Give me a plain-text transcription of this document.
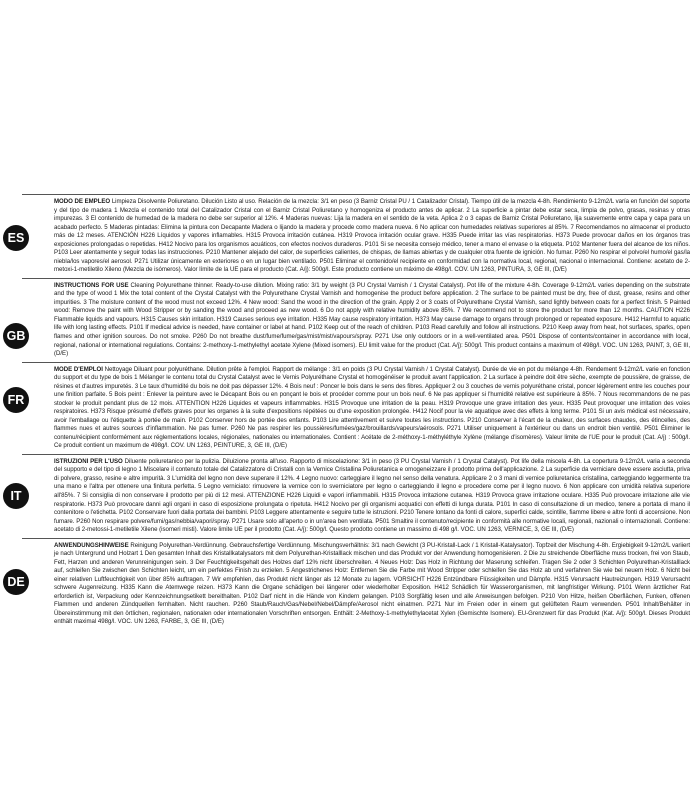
ES
MODO DE EMPLEO Limpieza Disolvente Poliuretano. Dilución Listo al uso. Relación de la mezcla: 3/1 en peso (3 Barniz Cristal PU / 1 Catalizador Cristal). Tiempo útil de la mezcla 4-8h. Rendimiento 9-12m2/L varía en función del soporte y del tipo de madera 1 Mezcla el contenido total del Catalizador Cristal con el Barniz Cristal Poliuretano y homogeniza el producto antes de aplicar. 2 La superficie a pintar debe estar seca, limpia de polvo, grasas, resinas y otras impurezas. 3 El contenido de humedad de la madera no debe ser superior al 12%. 4 Maderas nuevas: Lija la madera en el sentido de la veta. Aplica 2 o 3 capas de Barniz Cristal Poliuretano, lija suavemente entre capa y capa para un acabado perfecto. 5 Maderas pintadas: Elimina la pintura con Decapante Madera o lijando la madera y procede como madera nueva. 6 No aplicar con humedades relativas superiores al 85%. 7 Recomendamos no almacenar el producto más de 12 meses. ATENCIÓN H226 Líquidos y vapores inflamables. H315 Provoca irritación cutánea. H319 Provoca irritación ocular grave. H335 Puede irritar las vías respiratorias. H373 Puede provocar daños en los órganos tras exposiciones prolongadas o repetidas. H412 Nocivo para los organismos acuáticos, con efectos nocivos duraderos. P101 Si se necesita consejo médico, tener a mano el envase o la etiqueta. P102 Mantener fuera del alcance de los niños. P103 Leer atentamente y seguir todas las instrucciones. P210 Mantener alejado del calor, de superficies calientes, de chispas, de llamas abiertas y de cualquier otra fuente de ignición. No fumar. P260 No respirar el polvo/el humo/el gas/la niebla/los vapores/el aerosol. P271 Utilizar únicamente en exteriores o en un lugar bien ventilado. P501 Eliminar el contenido/el recipiente en conformidad con la normativa local, regional, nacional o internacional. Contiene: acetato de 2-metoxi-1-metiletilo Xileno (Mezcla de isómeros). Valor límite de la UE para el producto (Cat. A/j): 500g/l. Este producto contiene un máximo de 498g/l. COV. UN 1263, PINTURA, 3, GE III, (D/E)
GB
INSTRUCTIONS FOR USE Cleaning Polyurethane thinner. Ready-to-use dilution. Mixing ratio: 3/1 by weight (3 PU Crystal Varnish / 1 Crystal Catalyst). Pot life of the mixture 4-8h. Coverage 9-12m2/L varies depending on the substrate and the type of wood 1 Mix the total content of the Crystal Catalyst with the Polyurethane Crystal Varnish and homogenise the product before application. 2 The surface to be painted must be dry, free of dust, grease, resins and other impurities. 3 The moisture content of the wood must not exceed 12%. 4 New wood: Sand the wood in the direction of the grain. Apply 2 or 3 coats of Polyurethane Crystal Varnish, sand lightly between coats for a perfect finish. 5 Painted wood: Remove the paint with Wood Stripper or by sanding the wood and proceed as new wood. 6 Do not apply with relative humidity above 85%. 7 We recommend not to store the product for more than 12 months. CAUTION H226 Flammable liquids and vapours. H315 Causes skin irritation. H319 Causes serious eye irritation. H335 May cause respiratory irritation. H373 May cause damage to organs through prolonged or repeated exposure. H412 Harmful to aquatic life with long lasting effects. P101 If medical advice is needed, have container or label at hand. P102 Keep out of the reach of children. P103 Read carefully and follow all instructions. P210 Keep away from heat, hot surfaces, sparks, open flames and other ignition sources. Do not smoke. P260 Do not breathe dust/fume/fume/gas/mist/mist/vapours/spray. P271 Use only outdoors or in a well-ventilated area. P501 Dispose of contents/container in accordance with local, regional, national or international regulations. Contains: 2-methoxy-1-methylethyl acetate Xylene (Mixed isomers). EU limit value for the product (Cat. A/j): 500g/l. This product contains a maximum of 498g/l. VOC. UN 1263, PAINT, 3, GE III, (D/E)
FR
MODE D'EMPLOI Nettoyage Diluant pour polyuréthane. Dilution prête à l'emploi. Rapport de mélange : 3/1 en poids (3 PU Crystal Varnish / 1 Crystal Catalyst). Durée de vie en pot du mélange 4-8h. Rendement 9-12m2/L varie en fonction du support et du type de bois 1 Mélanger le contenu total du Crystal Catalyst avec le Vernis Polyuréthane Crystal et homogénéiser le produit avant l'application. 2 La surface à peindre doit être sèche, exempte de poussière, de graisse, de résines et d'autres impuretés. 3 Le taux d'humidité du bois ne doit pas dépasser 12%. 4 Bois neuf : Poncer le bois dans le sens des fibres. Appliquer 2 ou 3 couches de vernis polyuréthane cristal, poncer légèrement entre les couches pour une finition parfaite. 5 Bois peint : Enlever la peinture avec le Décapant Bois ou en ponçant le bois et procéder comme pour un bois neuf. 6 Ne pas appliquer si l'humidité relative est supérieure à 85%. 7 Nous recommandons de ne pas stocker le produit pendant plus de 12 mois. ATTENTION H226 Liquides et vapeurs inflammables. H315 Provoque une irritation de la peau. H319 Provoque une grave irritation des yeux. H335 Peut provoquer une irritation des voies respiratoires. H373 Risque présumé d'effets graves pour les organes à la suite d'expositions répétées ou d'une exposition prolongée. H412 Nocif pour la vie aquatique avec des effets à long terme. P101 Si un avis médical est nécessaire, avoir l'emballage ou l'étiquette à portée de main. P102 Conserver hors de portée des enfants. P103 Lire attentivement et suivre toutes les instructions. P210 Conserver à l'écart de la chaleur, des surfaces chaudes, des étincelles, des flammes nues et autres sources d'inflammation. Ne pas fumer. P260 Ne pas respirer les poussières/fumées/gaz/brouillards/vapeurs/aérosols. P271 Utiliser uniquement à l'extérieur ou dans un endroit bien ventilé. P501 Éliminer le contenu/récipient conformément aux réglementations locales, régionales, nationales ou internationales. Contient : Acétate de 2-méthoxy-1-méthyléthyle Xylène (mélange d'isomères). Valeur limite de l'UE pour le produit (Cat. A/j) : 500g/l. Ce produit contient un maximum de 498g/l. COV. UN 1263, PEINTURE, 3, GE III, (D/E)
IT
ISTRUZIONI PER L'USO Diluente poliuretanico per la pulizia. Diluizione pronta all'uso. Rapporto di miscelazione: 3/1 in peso (3 PU Crystal Varnish / 1 Crystal Catalyst). Pot life della miscela 4-8h. La copertura 9-12m2/L varia a seconda del supporto e del tipo di legno 1 Miscelare il contenuto totale del Catalizzatore di Cristalli con la Vernice Cristallina Poliuretanica e omogeneizzare il prodotto prima dell'applicazione. 2 La superficie da verniciare deve essere asciutta, priva di polvere, grasso, resine e altre impurità. 3 L'umidità del legno non deve superare il 12%. 4 Legno nuovo: carteggiare il legno nel senso della venatura. Applicare 2 o 3 mani di vernice poliuretanica cristallina, carteggiando leggermente tra una mano e l'altra per ottenere una finitura perfetta. 5 Legno verniciato: rimuovere la vernice con lo sverniciatore per legno o carteggiando il legno e procedere come per il legno nuovo. 6 Non applicare con umidità relativa superiore all'85%. 7 Si consiglia di non conservare il prodotto per più di 12 mesi. ATTENZIONE H226 Liquidi e vapori infiammabili. H315 Provoca irritazione cutanea. H319 Provoca grave irritazione oculare. H335 Può provocare irritazione alle vie respiratorie. H373 Può provocare danni agli organi in caso di esposizione prolungata o ripetuta. H412 Nocivo per gli organismi acquatici con effetti di lunga durata. P101 In caso di consultazione di un medico, tenere a portata di mano il contenitore o l'etichetta. P102 Conservare fuori dalla portata dei bambini. P103 Leggere attentamente e seguire tutte le istruzioni. P210 Tenere lontano da fonti di calore, superfici calde, scintille, fiamme libere e altre fonti di accensione. Non fumare. P260 Non respirare polvere/fumi/gas/nebbia/vapori/spray. P271 Usare solo all'aperto o in un'area ben ventilata. P501 Smaltire il contenuto/recipiente in conformità alle normative locali, regionali, nazionali o internazionali. Contiene: acetato di 2-metossi-1-metiletile Xilene (isomeri misti). Valore limite UE per il prodotto (Cat. A/j): 500g/l. Questo prodotto contiene un massimo di 498 g/l. VOC. UN 1263, VERNICE, 3, GE III, (D/E)
DE
ANWENDUNGSHINWEISE Reinigung Polyurethan-Verdünnung. Gebrauchsfertige Verdünnung. Mischungsverhältnis: 3/1 nach Gewicht (3 PU-Kristall-Lack / 1 Kristall-Katalysator). Topfzeit der Mischung 4-8h. Ergiebigkeit 9-12m2/L variiert je nach Untergrund und Holzart 1 Den gesamten Inhalt des Kristallkatalysators mit dem Polyurethan-Kristalllack mischen und das Produkt vor der Anwendung homogenisieren. 2 Die zu streichende Oberfläche muss trocken, frei von Staub, Fett, Harzen und anderen Verunreinigungen sein. 3 Der Feuchtigkeitsgehalt des Holzes darf 12% nicht überschreiten. 4 Neues Holz: Das Holz in Richtung der Maserung schleifen. Tragen Sie 2 oder 3 Schichten Polyurethan-Kristalllack auf, schleifen Sie zwischen den Schichten leicht, um ein perfektes Finish zu erzielen. 5 Angestrichenes Holz: Entfernen Sie die Farbe mit Wood Stripper oder schleifen Sie das Holz ab und verfahren Sie wie bei neuem Holz. 6 Nicht bei einer relativen Luftfeuchtigkeit von über 85% auftragen. 7 Wir empfehlen, das Produkt nicht länger als 12 Monate zu lagern. VORSICHT H226 Entzündbare Flüssigkeiten und Dämpfe. H315 Verursacht Hautreizungen. H319 Verursacht schwere Augenreizung. H335 Kann die Atemwege reizen. H373 Kann die Organe schädigen bei längerer oder wiederholter Exposition. H412 Schädlich für Wasserorganismen, mit langfristiger Wirkung. P101 Wenn ärztlicher Rat erforderlich ist, Verpackung oder Kennzeichnungsetikett bereithalten. P102 Darf nicht in die Hände von Kindern gelangen. P103 Sorgfältig lesen und alle Anweisungen befolgen. P210 Von Hitze, heißen Oberflächen, Funken, offenen Flammen und anderen Zündquellen fernhalten. Nicht rauchen. P260 Staub/Rauch/Gas/Nebel/Nebel/Dämpfe/Aerosol nicht einatmen. P271 Nur im Freien oder in einem gut gelüfteten Raum verwenden. P501 Inhalt/Behälter in Übereinstimmung mit den örtlichen, regionalen, nationalen oder internationalen Vorschriften entsorgen. Enthält: 2-Methoxy-1-methylethylacetat Xylen (Gemischte Isomere). EU-Grenzwert für das Produkt (Kat. A/j): 500g/l. Dieses Produkt enthält maximal 498g/l. VOC. UN 1263, FARBE, 3, GE III, (D/E)
